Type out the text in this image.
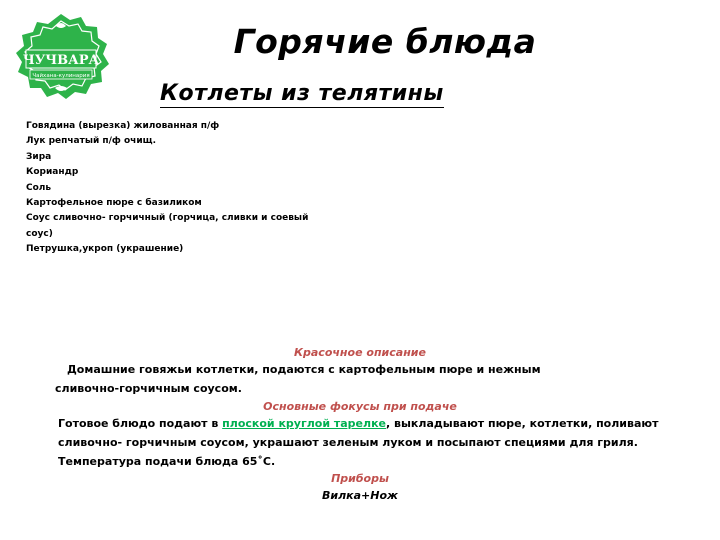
ЧУЧВАРА
Чайхана-кулинария
Горячие блюда
Котлеты из телятины
Говядина (вырезка) жилованная п/ф
Лук репчатый п/ф очищ.
Зира
Кориандр
Соль
Картофельное пюре с базиликом
Соус сливочно- горчичный (горчица, сливки и соевый
соус)
Петрушка,укроп (украшение)

Красочное описание

Домашние говяжьи котлетки, подаются с картофельным пюре и нежным
сливочно-горчичным соусом.

Основные фокусы при подаче

Готовое блюдо подают в плоской круглой тарелке, выкладывают пюре, котлетки, поливают
сливочно- горчичным соусом, украшают зеленым луком и посыпают специями для гриля.
Температура подачи блюда 65˚С.

Приборы

Вилка+Нож
